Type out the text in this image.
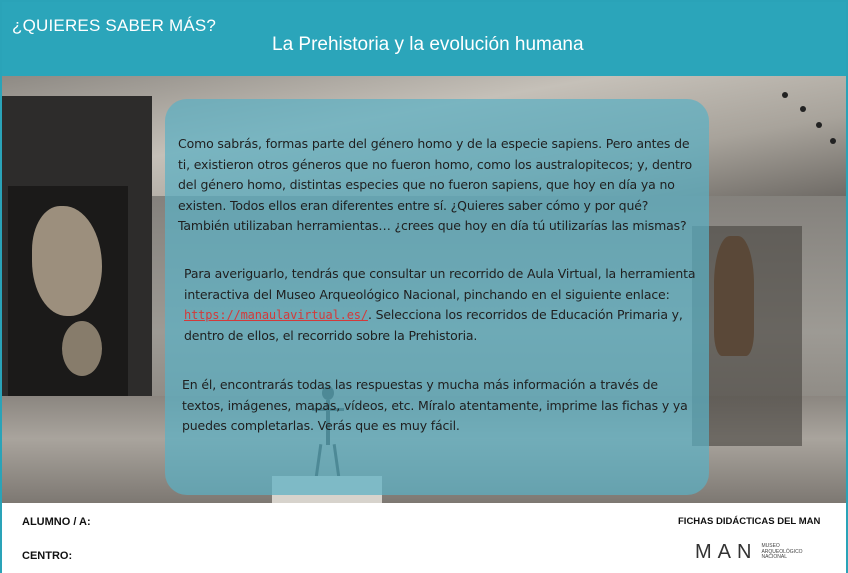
¿QUIERES SABER MÁS?
La Prehistoria y la evolución humana

Como sabrás, formas parte del género homo y de la especie sapiens. Pero antes de ti, existieron otros géneros que no fueron homo, como los australopitecos; y, dentro del género homo, distintas especies que no fueron sapiens, que hoy en día ya no existen. Todos ellos eran diferentes entre sí. ¿Quieres saber cómo y por qué? También utilizaban herramientas… ¿crees que hoy en día tú utilizarías las mismas?

Para averiguarlo, tendrás que consultar un recorrido de Aula Virtual, la herramienta interactiva del Museo Arqueológico Nacional, pinchando en el siguiente enlace: https://manaulavirtual.es/. Selecciona los recorridos de Educación Primaria y, dentro de ellos, el recorrido sobre la Prehistoria.

En él, encontrarás todas las respuestas y mucha más información a través de textos, imágenes, mapas, vídeos, etc. Míralo atentamente, imprime las fichas y ya puedes completarlas. Verás que es muy fácil.

ALUMNO / A:
CENTRO:
FICHAS DIDÁCTICAS DEL MAN
MAN MUSEO ARQUEOLÓGICO NACIONAL
